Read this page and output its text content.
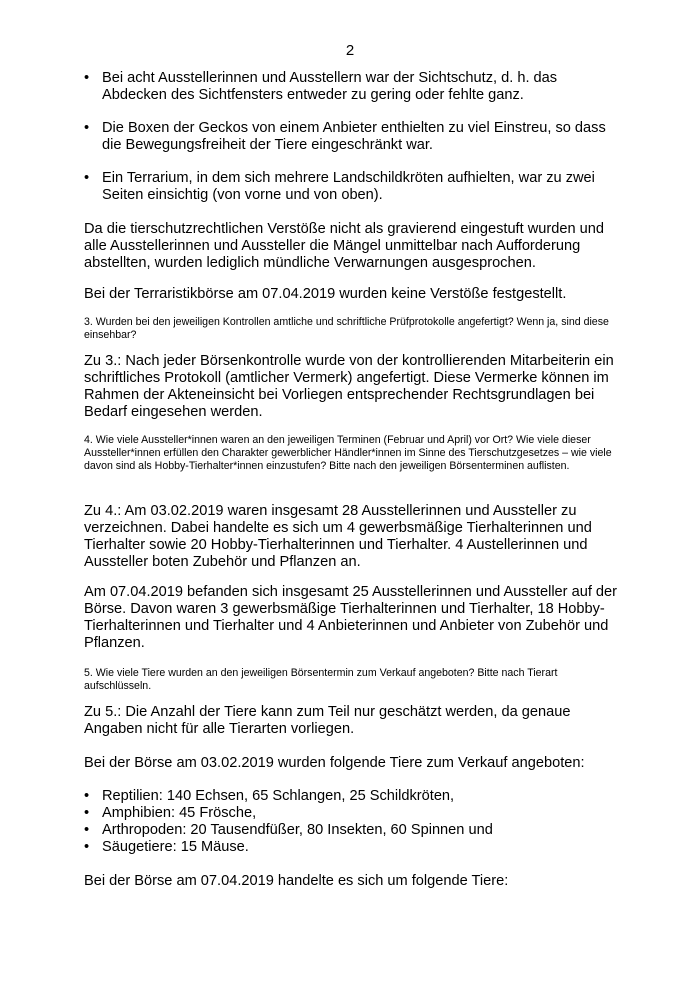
2
• Bei acht Ausstellerinnen und Ausstellern war der Sichtschutz, d. h. das Abdecken des Sichtfensters entweder zu gering oder fehlte ganz.
• Die Boxen der Geckos von einem Anbieter enthielten zu viel Einstreu, so dass die Bewegungsfreiheit der Tiere eingeschränkt war.
• Ein Terrarium, in dem sich mehrere Landschildkröten aufhielten, war zu zwei Seiten einsichtig (von vorne und von oben).

Da die tierschutzrechtlichen Verstöße nicht als gravierend eingestuft wurden und alle Ausstellerinnen und Aussteller die Mängel unmittelbar nach Aufforderung abstellten, wurden lediglich mündliche Verwarnungen ausgesprochen.

Bei der Terraristikbörse am 07.04.2019 wurden keine Verstöße festgestellt.

3. Wurden bei den jeweiligen Kontrollen amtliche und schriftliche Prüfprotokolle angefertigt? Wenn ja, sind diese einsehbar?

Zu 3.: Nach jeder Börsenkontrolle wurde von der kontrollierenden Mitarbeiterin ein schriftliches Protokoll (amtlicher Vermerk) angefertigt. Diese Vermerke können im Rahmen der Akteneinsicht bei Vorliegen entsprechender Rechtsgrundlagen bei Bedarf eingesehen werden.

4. Wie viele Aussteller*innen waren an den jeweiligen Terminen (Februar und April) vor Ort? Wie viele dieser Aussteller*innen erfüllen den Charakter gewerblicher Händler*innen im Sinne des Tierschutzgesetzes – wie viele davon sind als Hobby-Tierhalter*innen einzustufen? Bitte nach den jeweiligen Börsenterminen auflisten.

Zu 4.: Am 03.02.2019 waren insgesamt 28 Ausstellerinnen und Aussteller zu verzeichnen. Dabei handelte es sich um 4 gewerbsmäßige Tierhalterinnen und Tierhalter sowie 20 Hobby-Tierhalterinnen und Tierhalter. 4 Austellerinnen und Aussteller boten Zubehör und Pflanzen an.

Am 07.04.2019 befanden sich insgesamt 25 Ausstellerinnen und Aussteller auf der Börse. Davon waren 3 gewerbsmäßige Tierhalterinnen und Tierhalter, 18 Hobby-Tierhalterinnen und Tierhalter und 4 Anbieterinnen und Anbieter von Zubehör und Pflanzen.

5. Wie viele Tiere wurden an den jeweiligen Börsentermin zum Verkauf angeboten? Bitte nach Tierart aufschlüsseln.

Zu 5.: Die Anzahl der Tiere kann zum Teil nur geschätzt werden, da genaue Angaben nicht für alle Tierarten vorliegen.

Bei der Börse am 03.02.2019 wurden folgende Tiere zum Verkauf angeboten:

• Reptilien: 140 Echsen, 65 Schlangen, 25 Schildkröten,
• Amphibien: 45 Frösche,
• Arthropoden: 20 Tausendfüßer, 80 Insekten, 60 Spinnen und
• Säugetiere: 15 Mäuse.

Bei der Börse am 07.04.2019 handelte es sich um folgende Tiere:
